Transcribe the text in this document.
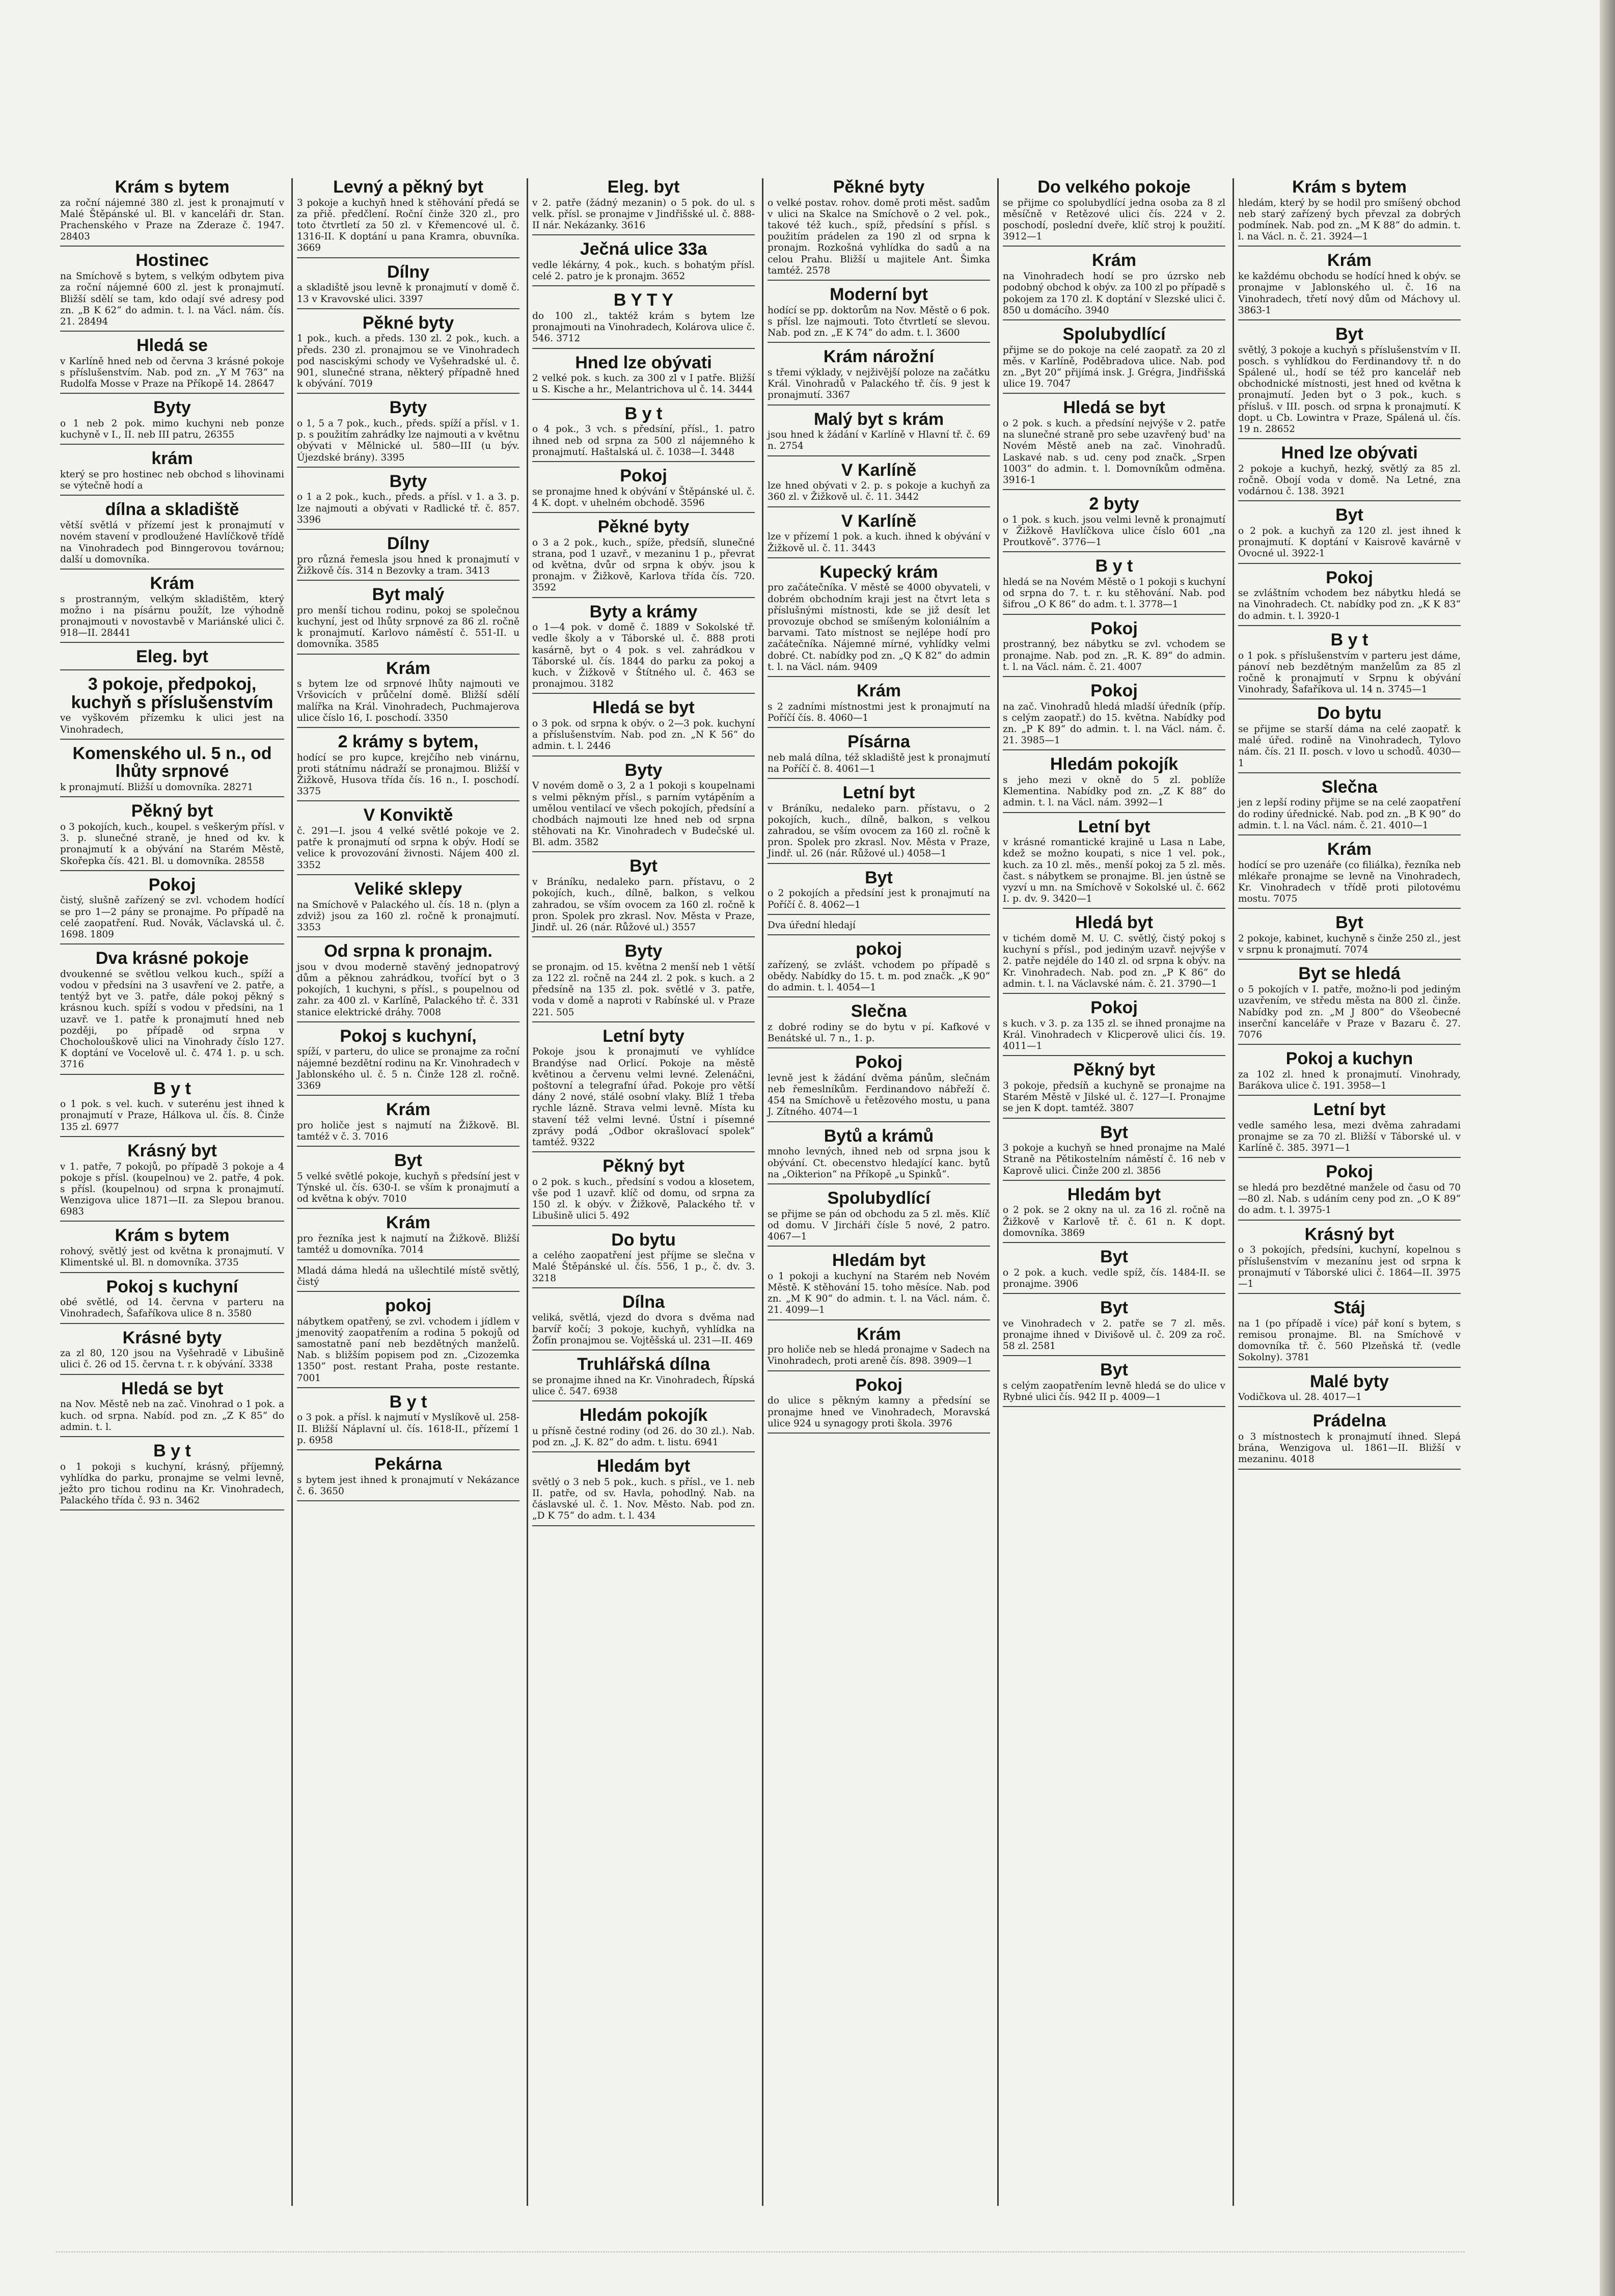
Krám s bytem
za roční nájemné 380 zl. jest k pronajmutí v Malé Štěpánské ul. Bl. v kanceláři dr. Stan. Prachenského v Praze na Zderaze č. 1947. 28403
Hostinec
na Smíchově s bytem, s velkým odbytem piva za roční nájemné 600 zl. jest k pronajmutí. Bližší sdělí se tam, kdo odají své adresy pod zn. „B K 62“ do admin. t. l. na Václ. nám. čís. 21. 28494
Hledá se
v Karlíně hned neb od června 3 krásné pokoje s příslušenstvím. Nab. pod zn. „Y M 763“ na Rudolfa Mosse v Praze na Příkopě 14. 28647
Byty
o 1 neb 2 pok. mimo kuchyni neb ponze kuchyně v I., II. neb III patru, 26355
krám
který se pro hostinec neb obchod s lihovinami se výtečně hodí a
dílna a skladiště
větší světlá v přízemí jest k pronajmutí v novém stavení v prodloužené Havlíčkově třídě na Vinohradech pod Binngerovou továrnou; další u domovníka.
Krám
s prostranným, velkým skladištěm, který možno i na písárnu použít, lze výhodně pronajmouti v novostavbě v Mariánské ulici č. 918—II. 28441
Eleg. byt
3 pokoje, předpokoj, kuchyň s příslušenstvím
ve vyškovém přízemku k ulici jest na Vinohradech,
Komenského ul. 5 n., od lhůty srpnové
k pronajmutí. Bližší u domovníka. 28271
Pěkný byt
o 3 pokojích, kuch., koupel. s veškerým přísl. v 3. p. slunečné straně, je hned od kv. k pronajmutí k a obývání na Starém Městě, Skořepka čís. 421. Bl. u domovníka. 28558
Pokoj
čistý, slušně zařízený se zvl. vchodem hodící se pro 1—2 pány se pronajme. Po případě na celé zaopatření. Rud. Novák, Václavská ul. č. 1698. 1809
Dva krásné pokoje
dvoukenné se světlou velkou kuch., spíží a vodou v předsíni na 3 usavření ve 2. patře, a tentýž byt ve 3. patře, dále pokoj pěkný s krásnou kuch. spíží s vodou v předsíni, na 1 uzavř. ve 1. patře k pronajmutí hned neb později, po případě od srpna v Chocholouškově ulici na Vinohrady číslo 127. K doptání ve Vocelově ul. č. 474 1. p. u sch. 3716
B y t
o 1 pok. s vel. kuch. v suterénu jest ihned k pronajmutí v Praze, Hálkova ul. čís. 8. Činže 135 zl. 6977
Krásný byt
v 1. patře, 7 pokojů, po případě 3 pokoje a 4 pokoje s přísl. (koupelnou) ve 2. patře, 4 pok. s přísl. (koupelnou) od srpna k pronajmutí. Wenzigova ulice 1871—II. za Slepou branou. 6983
Krám s bytem
rohový, světlý jest od května k pronajmutí. V Klimentské ul. Bl. n domovníka. 3735
Pokoj s kuchyní
obé světlé, od 14. června v parteru na Vinohradech, Šafaříkova ulice 8 n. 3580
Krásné byty
za zl 80, 120 jsou na Vyšehradě v Libušině ulici č. 26 od 15. června t. r. k obývání. 3338
Hledá se byt
na Nov. Městě neb na zač. Vinohrad o 1 pok. a kuch. od srpna. Nabíd. pod zn. „Z K 85“ do admin. t. l.
B y t
o 1 pokoji s kuchyní, krásný, příjemný, vyhlídka do parku, pronajme se velmi levně, ježto pro tichou rodinu na Kr. Vinohradech, Palackého třída č. 93 n. 3462
Levný a pěkný byt
3 pokoje a kuchyň hned k stěhování předá se za přiě. předčlení. Roční činže 320 zl., pro toto čtvrtletí za 50 zl. v Křemencové ul. č. 1316-II. K doptání u pana Kramra, obuvníka. 3669
Dílny
a skladiště jsou levně k pronajmutí v domě č. 13 v Kravovské ulici. 3397
Pěkné byty
1 pok., kuch. a předs. 130 zl. 2 pok., kuch. a předs. 230 zl. pronajmou se ve Vinohradech pod nasciskými schody ve Vyšehradské ul. č. 901, slunečné strana, některý případně hned k obývání. 7019
Byty
o 1, 5 a 7 pok., kuch., předs. spíží a přísl. v 1. p. s použitím zahrádky lze najmouti a v květnu obývati v Mělnické ul. 580—III (u býv. Újezdské brány). 3395
Byty
o 1 a 2 pok., kuch., předs. a přísl. v 1. a 3. p. lze najmouti a obývati v Radlické tř. č. 857. 3396
Dílny
pro různá řemesla jsou hned k pronajmutí v Žižkově čís. 314 n Bezovky a tram. 3413
Byt malý
pro menší tichou rodinu, pokoj se společnou kuchyní, jest od lhůty srpnové za 86 zl. ročně k pronajmutí. Karlovo náměstí č. 551-II. u domovníka. 3585
Krám
s bytem lze od srpnové lhůty najmouti ve Vršovicích v průčelní domě. Bližší sdělí malířka na Král. Vinohradech, Puchmajerova ulice číslo 16, I. poschodí. 3350
2 krámy s bytem,
hodící se pro kupce, krejčího neb vinárnu, proti státnímu nádraží se pronajmou. Bližší v Žižkově, Husova třída čís. 16 n., I. poschodí. 3375
V Konviktě
č. 291—I. jsou 4 velké světlé pokoje ve 2. patře k pronajmutí od srpna k obýv. Hodí se velice k provozování živnosti. Nájem 400 zl. 3352
Veliké sklepy
na Smíchově v Palackého ul. čís. 18 n. (plyn a zdviž) jsou za 160 zl. ročně k pronajmutí. 3353
Od srpna k pronajm.
jsou v dvou moderně stavěný jednopatrový dům a pěknou zahrádkou, tvořící byt o 3 pokojích, 1 kuchyni, s přísl., s poupelnou od zahr. za 400 zl. v Karlíně, Palackého tř. č. 331 stanice elektrické dráhy. 7008
Pokoj s kuchyní,
spíží, v parteru, do ulice se pronajme za roční nájemné bezdětní rodinu na Kr. Vinohradech v Jablonského ul. č. 5 n. Činže 128 zl. ročně. 3369
Krám
pro holiče jest s najmutí na Žižkově. Bl. tamtéž v č. 3. 7016
Byt
5 velké světlé pokoje, kuchyň s předsíní jest v Týnské ul. čís. 630-I. se vším k pronajmutí a od května k obýv. 7010
Krám
pro řezníka jest k najmutí na Žižkově. Bližší tamtéž u domovníka. 7014
Mladá dáma hledá na ušlechtilé místě světlý, čistý
pokoj
nábytkem opatřený, se zvl. vchodem i jídlem v jmenovitý zaopatřením a rodina 5 pokojů od samostatně paní neb bezdětných manželů. Nab. s bližším popisem pod zn. „Cizozemka 1350“ post. restant Praha, poste restante. 7001
B y t
o 3 pok. a přísl. k najmutí v Myslíkově ul. 258-II. Bližší Náplavní ul. čís. 1618-II., přízemí 1 p. 6958
Pekárna
s bytem jest ihned k pronajmutí v Nekázance č. 6. 3650
Eleg. byt
v 2. patře (žádný mezanin) o 5 pok. do ul. s velk. přísl. se pronajme v Jindřišské ul. č. 888-II nár. Nekázanky. 3616
Ječná ulice 33a
vedle lékárny, 4 pok., kuch. s bohatým přísl. celé 2. patro je k pronajm. 3652
B Y T Y
do 100 zl., taktéž krám s bytem lze pronajmouti na Vinohradech, Kolárova ulice č. 546. 3712
Hned lze obývati
2 velké pok. s kuch. za 300 zl v I patře. Bližší u S. Kische a hr., Melantrichova ul č. 14. 3444
B y t
o 4 pok., 3 vch. s předsíní, přísl., 1. patro ihned neb od srpna za 500 zl nájemného k pronajmutí. Haštalská ul. č. 1038—I. 3448
Pokoj
se pronajme hned k obývání v Štěpánské ul. č. 4 K. dopt. v uhelném obchodě. 3596
Pěkné byty
o 3 a 2 pok., kuch., spíže, předsíň, slunečné strana, pod 1 uzavř., v mezaninu 1 p., převrat od května, dvůr od srpna k obýv. jsou k pronajm. v Žižkově, Karlova třída čís. 720. 3592
Byty a krámy
o 1—4 pok. v domě č. 1889 v Sokolské tř. vedle školy a v Táborské ul. č. 888 proti kasárně, byt o 4 pok. s vel. zahrádkou v Táborské ul. čís. 1844 do parku za pokoj a kuch. v Žižkově v Štítného ul. č. 463 se pronajmou. 3182
Hledá se byt
o 3 pok. od srpna k obýv. o 2—3 pok. kuchyní a příslušenstvím. Nab. pod zn. „N K 56“ do admin. t. l. 2446
Byty
V novém domě o 3, 2 a 1 pokoji s koupelnami s velmi pěkným přísl., s parním vytápěním a umělou ventilací ve všech pokojích, předsíní a chodbách najmouti lze hned neb od srpna stěhovati na Kr. Vinohradech v Budečské ul. Bl. adm. 3582
Byt
v Bráníku, nedaleko parn. přístavu, o 2 pokojích, kuch., dílně, balkon, s velkou zahradou, se vším ovocem za 160 zl. ročně k pron. Spolek pro zkrasl. Nov. Města v Praze, Jindř. ul. 26 (nár. Růžové ul.) 3557
Byty
se pronajm. od 15. května 2 menší neb 1 větší za 122 zl. ročně na 244 zl. 2 pok. s kuch. a 2 předsíně na 135 zl. pok. světlé v 3. patře, voda v domě a naproti v Rabínské ul. v Praze 221. 505
Letní byty
Pokoje jsou k pronajmutí ve vyhlídce Brandýse nad Orlicí. Pokoje na městě květinou a červenu velmi levné. Zelenáčni, poštovní a telegrafní úřad. Pokoje pro větší dány 2 nové, stálé osobní vlaky. Blíž 1 třeba rychle lázně. Strava velmi levně. Místa ku stavení též velmi levné. Ústní i písemné zprávy podá „Odbor okrašlovací spolek“ tamtéž. 9322
Pěkný byt
o 2 pok. s kuch., předsíní s vodou a klosetem, vše pod 1 uzavř. klíč od domu, od srpna za 150 zl. k obýv. v Žižkově, Palackého tř. v Libušině ulici 5. 492
Do bytu
a celého zaopatření jest příjme se slečna v Malé Štěpánské ul. čís. 556, 1 p., č. dv. 3. 3218
Dílna
veliká, světlá, vjezd do dvora s dvěma nad barvíř kočí; 3 pokoje, kuchyň, vyhlídka na Žofín pronajmou se. Vojtěšská ul. 231—II. 469
Truhlářská dílna
se pronajme ihned na Kr. Vinohradech, Řípská ulice č. 547. 6938
Hledám pokojík
u přísně čestné rodiny (od 26. do 30 zl.). Nab. pod zn. „J. K. 82“ do adm. t. listu. 6941
Hledám byt
světlý o 3 neb 5 pok., kuch. s přísl., ve 1. neb II. patře, od sv. Havla, pohodlný. Nab. na čáslavské ul. č. 1. Nov. Město. Nab. pod zn. „D K 75“ do adm. t. l. 434
Pěkné byty
o velké postav. rohov. domě proti měst. sadům v ulici na Skalce na Smíchově o 2 vel. pok., takové též kuch., spíž, předsíní s přísl. s použitím prádelen za 190 zl od srpna k pronajm. Rozkošná vyhlídka do sadů a na celou Prahu. Bližší u majitele Ant. Šimka tamtéž. 2578
Moderní byt
hodící se pp. doktorům na Nov. Městě o 6 pok. s přísl. lze najmouti. Toto čtvrtletí se slevou. Nab. pod zn. „E K 74“ do adm. t. l. 3600
Krám nárožní
s třemi výklady, v nejživější poloze na začátku Král. Vinohradů v Palackého tř. čís. 9 jest k pronajmutí. 3367
Malý byt s krám
jsou hned k žádání v Karlíně v Hlavní tř. č. 69 n. 2754
V Karlíně
lze hned obývati v 2. p. s pokoje a kuchyň za 360 zl. v Žižkově ul. č. 11. 3442
V Karlíně
lze v přízemí 1 pok. a kuch. ihned k obývání v Žižkově ul. č. 11. 3443
Kupecký krám
pro začátečníka. V městě se 4000 obyvateli, v dobrém obchodním kraji jest na čtvrt leta s příslušnými místnosti, kde se již desít let provozuje obchod se smíšeným koloniálním a barvami. Tato místnost se nejlépe hodí pro začátečníka. Nájemné mírné, vyhlídky velmi dobré. Ct. nabídky pod zn. „Q K 82“ do admin t. l. na Václ. nám. 9409
Krám
s 2 zadními místnostmi jest k pronajmutí na Poříčí čís. 8. 4060—1
Písárna
neb malá dílna, též skladiště jest k pronajmutí na Poříčí č. 8. 4061—1
Letní byt
v Bráníku, nedaleko parn. přístavu, o 2 pokojích, kuch., dílně, balkon, s velkou zahradou, se vším ovocem za 160 zl. ročně k pron. Spolek pro zkrasl. Nov. Města v Praze, Jindř. ul. 26 (nár. Růžové ul.) 4058—1
Byt
o 2 pokojích a předsíní jest k pronajmutí na Poříčí č. 8. 4062—1
Dva úřední hledají
pokoj
zařízený, se zvlášt. vchodem po případě s obědy. Nabídky do 15. t. m. pod značk. „K 90“ do admin. t. l. 4054—1
Slečna
z dobré rodiny se do bytu v pí. Kafkové v Benátské ul. 7 n., 1. p.
Pokoj
levně jest k žádání dvěma pánům, slečnám neb řemeslníkům. Ferdinandovo nábřeží č. 454 na Smíchově u řetězového mostu, u pana J. Zítného. 4074—1
Bytů a krámů
mnoho levných, ihned neb od srpna jsou k obývání. Ct. obecenstvo hledající kanc. bytů na „Oikterion“ na Příkopě „u Spinků“.
Spolubydlící
se přijme se pán od obchodu za 5 zl. měs. Klíč od domu. V Jircháři čísle 5 nové, 2 patro. 4067—1
Hledám byt
o 1 pokoji a kuchyní na Starém neb Novém Městě. K stěhování 15. toho měsíce. Nab. pod zn. „M K 90“ do admin. t. l. na Václ. nám. č. 21. 4099—1
Krám
pro holiče neb se hledá pronajme v Sadech na Vinohradech, proti areně čís. 898. 3909—1
Pokoj
do ulice s pěkným kamny a předsíní se pronajme hned ve Vinohradech, Moravská ulice 924 u synagogy proti škola. 3976
Do velkého pokoje
se přijme co spolubydlící jedna osoba za 8 zl měsíčně v Retězové ulici čís. 224 v 2. poschodí, poslední dveře, klíč stroj k použití. 3912—1
Krám
na Vinohradech hodí se pro úzrsko neb podobný obchod k obýv. za 100 zl po případě s pokojem za 170 zl. K doptání v Slezské ulici č. 850 u domácího. 3940
Spolubydlící
přijme se do pokoje na celé zaopatř. za 20 zl měs. v Karlíně, Poděbradova ulice. Nab. pod zn. „Byt 20“ přijímá insk. J. Grégra, Jindřišská ulice 19. 7047
Hledá se byt
o 2 pok. s kuch. a předsíní nejvýše v 2. patře na slunečné straně pro sebe uzavřený bud' na Novém Městě aneb na zač. Vinohradů. Laskavé nab. s ud. ceny pod značk. „Srpen 1003“ do admin. t. l. Domovníkům odměna. 3916-1
2 byty
o 1 pok. s kuch. jsou velmi levně k pronajmutí v Žižkově Havlíčkova ulice číslo 601 „na Proutkově“. 3776—1
B y t
hledá se na Novém Městě o 1 pokoji s kuchyní od srpna do 7. t. r. ku stěhování. Nab. pod šifrou „O K 86“ do adm. t. l. 3778—1
Pokoj
prostranný, bez nábytku se zvl. vchodem se pronajme. Nab. pod zn. „R. K. 89“ do admin. t. l. na Václ. nám. č. 21. 4007
Pokoj
na zač. Vinohradů hledá mladší úředník (příp. s celým zaopatř.) do 15. května. Nabídky pod zn. „P K 89“ do admin. t. l. na Václ. nám. č. 21. 3985—1
Hledám pokojík
s jeho mezi v okně do 5 zl. poblíže Klementina. Nabídky pod zn. „Z K 88“ do admin. t. l. na Václ. nám. 3992—1
Letní byt
v krásné romantické krajině u Lasa n Labe, kdež se možno koupati, s nice 1 vel. pok., kuch. za 10 zl. měs., menší pokoj za 5 zl. měs. čast. s nábytkem se pronajme. Bl. jen ústně se vyzví u mn. na Smíchově v Sokolské ul. č. 662 I. p. dv. 9. 3420—1
Hledá byt
v tichém domě M. U. C. světlý, čistý pokoj s kuchyní s přísl., pod jediným uzavř. nejvýše v 2. patře nejdéle do 140 zl. od srpna k obýv. na Kr. Vinohradech. Nab. pod zn. „P K 86“ do admin. t. l. na Václavské nám. č. 21. 3790—1
Pokoj
s kuch. v 3. p. za 135 zl. se ihned pronajme na Král. Vinohradech v Klicperově ulici čís. 19. 4011—1
Pěkný byt
3 pokoje, předsíň a kuchyně se pronajme na Starém Městě v Jilské ul. č. 127—I. Pronajme se jen K dopt. tamtéž. 3807
Byt
3 pokoje a kuchyň se hned pronajme na Malé Straně na Pětikostelním náměstí č. 16 neb v Kaprově ulici. Činže 200 zl. 3856
Hledám byt
o 2 pok. se 2 okny na ul. za 16 zl. ročně na Žižkově v Karlově tř. č. 61 n. K dopt. domovníka. 3869
Byt
o 2 pok. a kuch. vedle spíž, čís. 1484-II. se pronajme. 3906
Byt
ve Vinohradech v 2. patře se 7 zl. měs. pronajme ihned v Divišově ul. č. 209 za roč. 58 zl. 2581
Byt
s celým zaopatřením levně hledá se do ulice v Rybné ulici čís. 942 II p. 4009—1
Krám s bytem
hledám, který by se hodil pro smíšený obchod neb starý zařízený bych převzal za dobrých podmínek. Nab. pod zn. „M K 88“ do admin. t. l. na Václ. n. č. 21. 3924—1
Krám
ke každému obchodu se hodící hned k obýv. se pronajme v Jablonského ul. č. 16 na Vinohradech, třetí nový dům od Máchovy ul. 3863-1
Byt
světlý, 3 pokoje a kuchyň s příslušenstvím v II. posch. s vyhlídkou do Ferdinandovy tř. n do Spálené ul., hodí se též pro kancelář neb obchodnické místnosti, jest hned od května k pronajmutí. Jeden byt o 3 pok., kuch. s přísluš. v III. posch. od srpna k pronajmutí. K dopt. u Cb. Lowintra v Praze, Spálená ul. čís. 19 n. 28652
Hned lze obývati
2 pokoje a kuchyň, hezký, světlý za 85 zl. ročně. Obojí voda v domě. Na Letné, zna vodárnou č. 138. 3921
Byt
o 2 pok. a kuchyň za 120 zl. jest ihned k pronajmutí. K doptání v Kaisrově kavárně v Ovocné ul. 3922-1
Pokoj
se zvláštním vchodem bez nábytku hledá se na Vinohradech. Ct. nabídky pod zn. „K K 83“ do admin. t. l. 3920-1
B y t
o 1 pok. s příslušenstvím v parteru jest dáme, pánoví neb bezdětným manželům za 85 zl ročně k pronajmutí v Srpnu k obývání Vinohrady, Šafaříkova ul. 14 n. 3745—1
Do bytu
se přijme se starší dáma na celé zaopatř. k malé úřed. rodině na Vinohradech, Tylovo nám. čís. 21 II. posch. v lovo u schodů. 4030—1
Slečna
jen z lepší rodiny přijme se na celé zaopatření do rodiny úřednické. Nab. pod zn. „B K 90“ do admin. t. l. na Václ. nám. č. 21. 4010—1
Krám
hodící se pro uzenáře (co filiálka), řezníka neb mlékaře pronajme se levně na Vinohradech, Kr. Vinohradech v třídě proti pilotovému mostu. 7075
Byt
2 pokoje, kabinet, kuchyně s činže 250 zl., jest v srpnu k pronajmutí. 7074
Byt se hledá
o 5 pokojích v I. patře, možno-li pod jediným uzavřením, ve středu města na 800 zl. činže. Nabídky pod zn. „M J 800“ do Všeobecné inserční kanceláře v Praze v Bazaru č. 27. 7076
Pokoj a kuchyn
za 102 zl. hned k pronajmutí. Vinohrady, Barákova ulice č. 191. 3958—1
Letní byt
vedle samého lesa, mezi dvěma zahradami pronajme se za 70 zl. Bližší v Táborské ul. v Karlíně č. 385. 3971—1
Pokoj
se hledá pro bezdětné manžele od času od 70—80 zl. Nab. s udáním ceny pod zn. „O K 89“ do adm. t. l. 3975-1
Krásný byt
o 3 pokojích, předsíni, kuchyní, kopelnou s příslušenstvím v mezanínu jest od srpna k pronajmutí v Táborské ulici č. 1864—II. 3975—1
Stáj
na 1 (po případě i více) pář koní s bytem, s remisou pronajme. Bl. na Smíchově v domovníka tř. č. 560 Plzeňská tř. (vedle Sokolny). 3781
Malé byty
Vodičkova ul. 28. 4017—1
Prádelna
o 3 místnostech k pronajmutí ihned. Slepá brána, Wenzigova ul. 1861—II. Bližší v mezaninu. 4018
